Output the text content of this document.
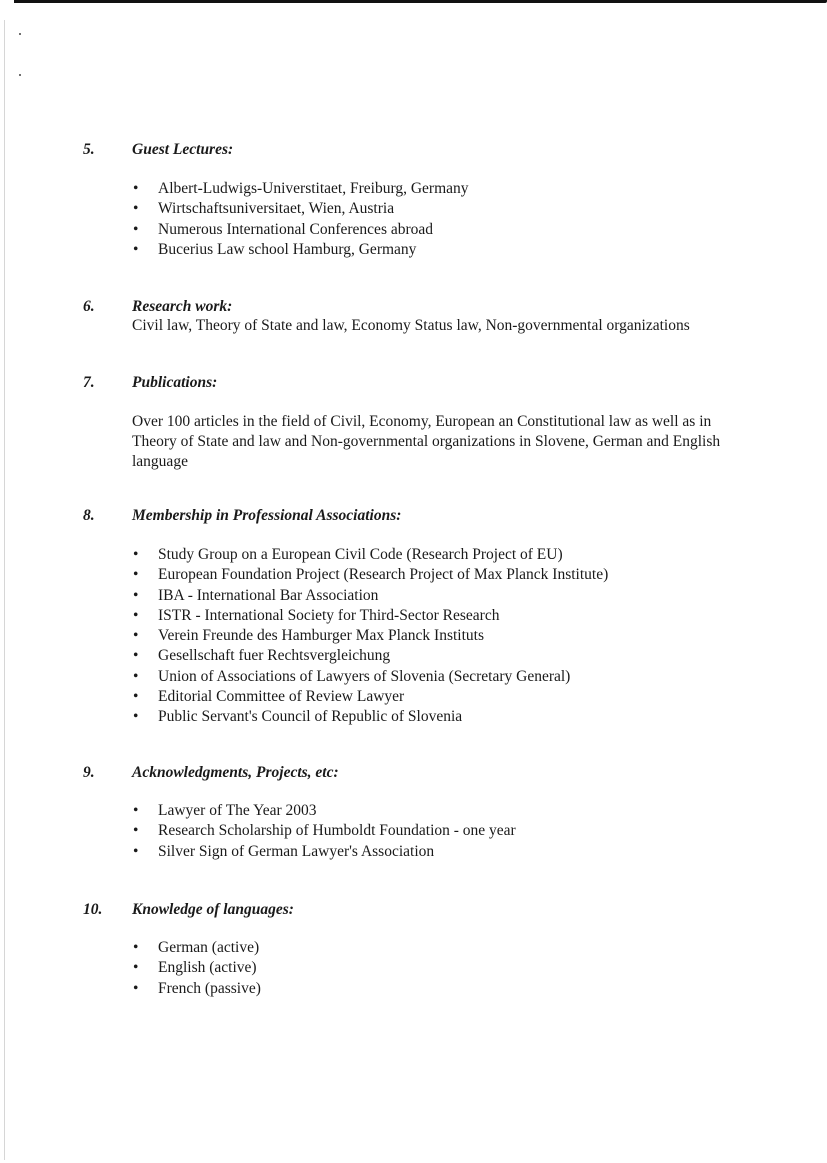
5. Guest Lectures:
• Albert-Ludwigs-Universtitaet, Freiburg, Germany
• Wirtschaftsuniversitaet, Wien, Austria
• Numerous International Conferences abroad
• Bucerius Law school Hamburg, Germany
6. Research work:
Civil law, Theory of State and law, Economy Status law, Non-governmental organizations
7. Publications:
Over 100 articles in the field of Civil, Economy, European an Constitutional law as well as in Theory of State and law and Non-governmental organizations in Slovene, German and English language
8. Membership in Professional Associations:
• Study Group on a European Civil Code (Research Project of EU)
• European Foundation Project (Research Project of Max Planck Institute)
• IBA - International Bar Association
• ISTR - International Society for Third-Sector Research
• Verein Freunde des Hamburger Max Planck Instituts
• Gesellschaft fuer Rechtsvergleichung
• Union of Associations of Lawyers of Slovenia (Secretary General)
• Editorial Committee of Review Lawyer
• Public Servant's Council of Republic of Slovenia
9. Acknowledgments, Projects, etc:
• Lawyer of The Year 2003
• Research Scholarship of Humboldt Foundation - one year
• Silver Sign of German Lawyer's Association
10. Knowledge of languages:
• German (active)
• English (active)
• French (passive)
